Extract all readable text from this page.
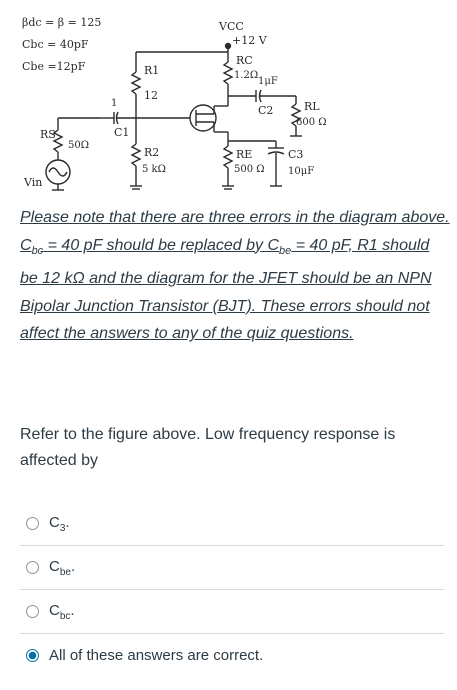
βdc = β = 125
Cbc = 40pF
Cbe =12pF
VCC
+12 V
RC
1.2Ω
R1
12
1
C1
1μF
C2	RL
600 Ω
RS
50Ω
R2
5 kΩ
RE
500 Ω
C3
10μF
Vin
Please note that there are three errors in the diagram above. $C_{bc} = 40$ pF should be replaced by $C_{be} = 40$ pF, R1 should be 12 kΩ and the diagram for the JFET should be an NPN Bipolar Junction Transistor (BJT). These errors should not affect the answers to any of the quiz questions.
Refer to the figure above. Low frequency response is affected by
$C_3$.
$C_{be}$.
$C_{bc}$.
All of these answers are correct.
